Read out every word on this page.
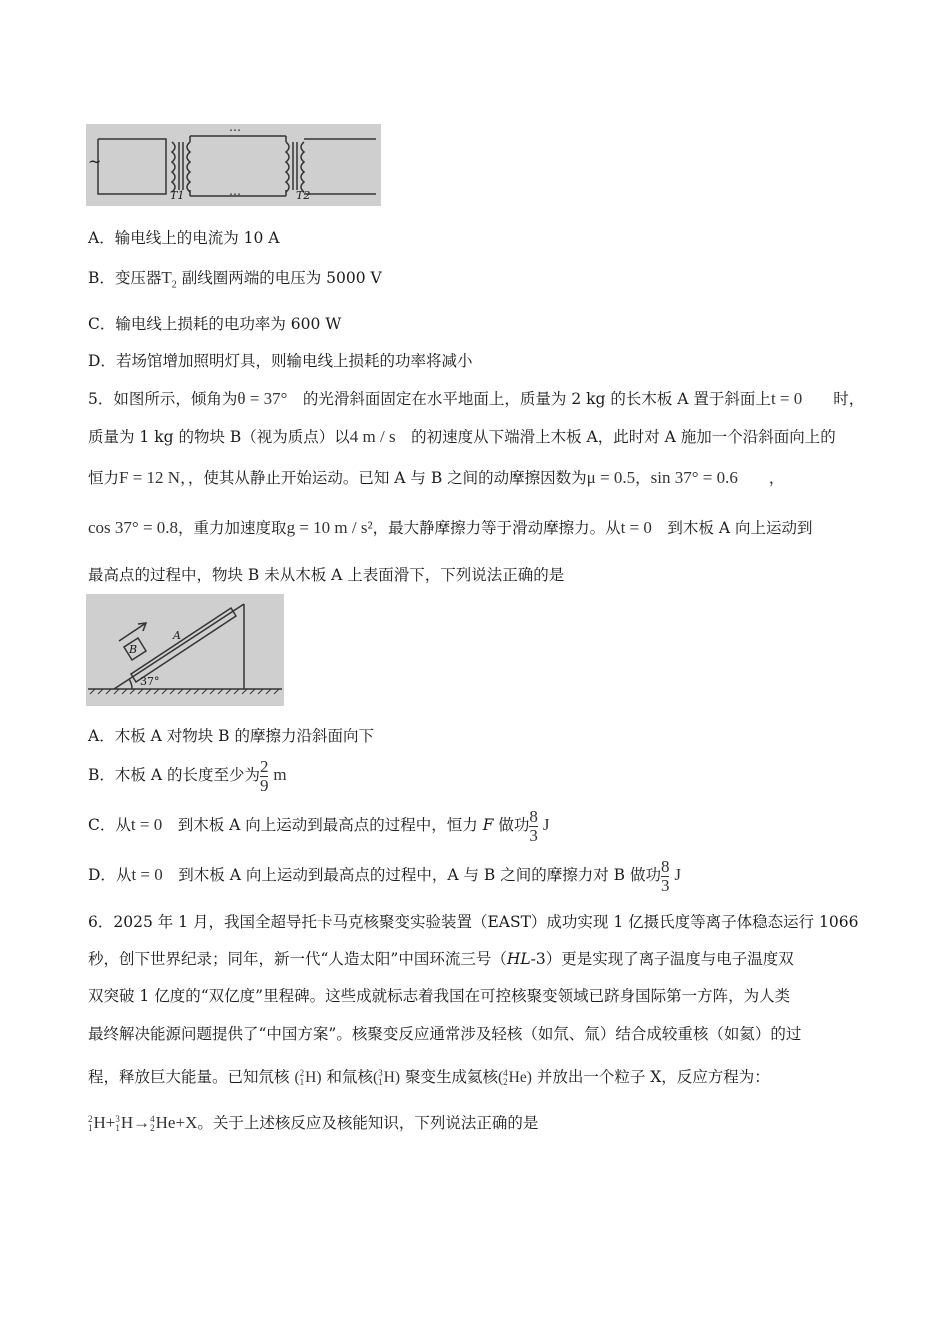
~
T1	T2
…
…
A．输电线上的电流为 10 A
B．变压器$T_2$ 副线圈两端的电压为 5000 V
C．输电线上损耗的电功率为 600 W
D．若场馆增加照明灯具，则输电线上损耗的功率将减小
5．如图所示，倾角为θ = 37°　 的光滑斜面固定在水平地面上，质量为 2 kg 的长木板 A 置于斜面上t = 0　　 时，
质量为 1 kg 的物块 B（视为质点）以4 m / s　 的初速度从下端滑上木板 A，此时对 A 施加一个沿斜面向上的
恒力F = 12 N，，使其从静止开始运动。已知 A 与 B 之间的动摩擦因数为μ = 0.5，sin 37° = 0.6　　 ，
cos 37° = 0.8，重力加速度取g = 10 m / s²，最大静摩擦力等于滑动摩擦力。从t = 0　 到木板 A 向上运动到
最高点的过程中，物块 B 未从木板 A 上表面滑下，下列说法正确的是
B
A
37°
A．木板 A 对物块 B 的摩擦力沿斜面向下
B．木板 A 的长度至少为 $\frac{2}{9}$ m
C．从t = 0　 到木板 A 向上运动到最高点的过程中，恒力 F 做功 $\frac{8}{3}$ J
D．从t = 0　 到木板 A 向上运动到最高点的过程中，A 与 B 之间的摩擦力对 B 做功 $\frac{8}{3}$ J
6．2025 年 1 月，我国全超导托卡马克核聚变实验装置（EAST）成功实现 1 亿摄氏度等离子体稳态运行 1066
秒，创下世界纪录；同年，新一代“人造太阳”中国环流三号（HL-3）更是实现了离子温度与电子温度双
双突破 1 亿度的“双亿度”里程碑。这些成就标志着我国在可控核聚变领域已跻身国际第一方阵，为人类
最终解决能源问题提供了“中国方案”。核聚变反应通常涉及轻核（如氘、氚）结合成较重核（如氦）的过
程，释放巨大能量。已知氘核 ( 2
1 H) 和氚核( 3
1 H) 聚变生成氦核( 4
2 He) 并放出一个粒子 X，反应方程为：
2
1 H+ 3
1 H→ 4
2 He+X。关于上述核反应及核能知识，下列说法正确的是
